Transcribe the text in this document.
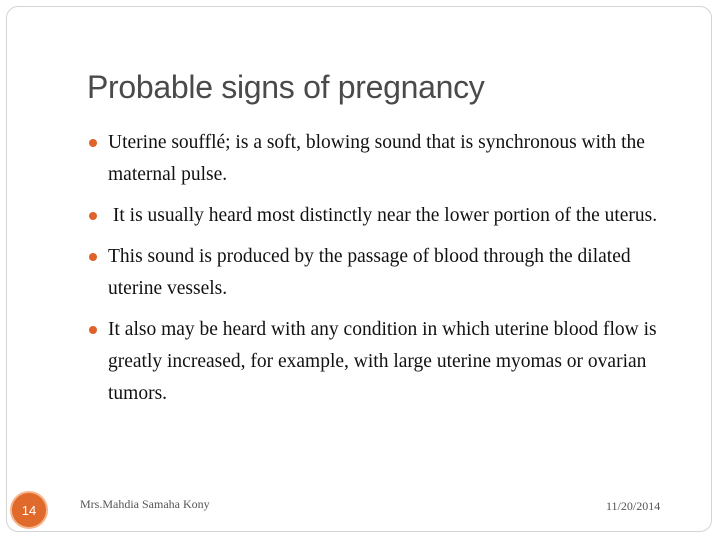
Probable signs of pregnancy
Uterine soufflé; is a soft, blowing sound that is synchronous with the maternal pulse.
It is usually heard most distinctly near the lower portion of the uterus.
This sound is produced by the passage of blood through the dilated uterine vessels.
It also may be heard with any condition in which uterine blood flow is greatly increased, for example, with large uterine myomas or ovarian tumors.
Mrs.Mahdia Samaha Kony	11/20/2014
14
